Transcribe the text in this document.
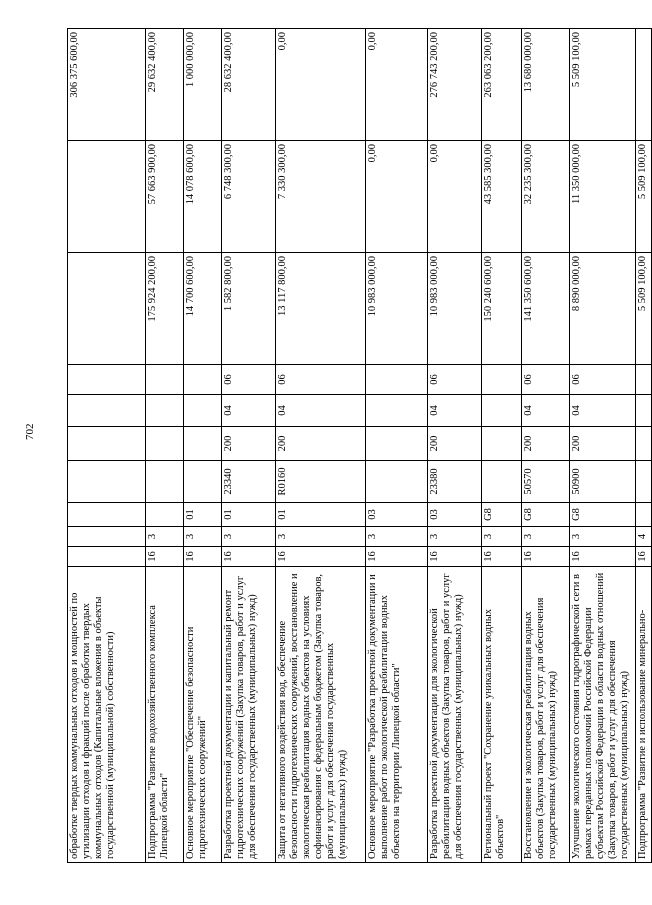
702
обработке твердых коммунальных отходов и мощностей по утилизации отходов и фракций после обработки твердых коммунальных отходов (Капитальные вложения в объекты государственной (муниципальной) собственности)										306 375 600,00
Подпрограмма "Развитие водохозяйственного комплекса Липецкой области"	16	3						175 924 200,00	57 663 900,00	29 632 400,00
Основное мероприятие "Обеспечение безопасности гидротехнических сооружений"	16	3	01					14 700 600,00	14 078 600,00	1 000 000,00
Разработка проектной документации и капитальный ремонт гидротехнических сооружений (Закупка товаров, работ и услуг для обеспечения государственных (муниципальных) нужд)	16	3	01	23340	200	04	06	1 582 800,00	6 748 300,00	28 632 400,00
Защита от негативного воздействия вод, обеспечение безопасности гидротехнических сооружений, восстановление и экологическая реабилитация водных объектов на условиях софинансирования с федеральным бюджетом (Закупка товаров, работ и услуг для обеспечения государственных (муниципальных) нужд)	16	3	01	R0160	200	04	06	13 117 800,00	7 330 300,00	0,00
Основное мероприятие "Разработка проектной документации и выполнение работ по экологической реабилитации водных объектов на территории Липецкой области"	16	3	03					10 983 000,00	0,00	0,00
Разработка проектной документации для экологической реабилитации водных объектов (Закупка товаров, работ и услуг для обеспечения государственных (муниципальных) нужд)	16	3	03	23380	200	04	06	10 983 000,00	0,00	276 743 200,00
Региональный проект "Сохранение уникальных водных объектов"	16	3	G8					150 240 600,00	43 585 300,00	263 063 200,00
Восстановление и экологическая реабилитация водных объектов (Закупка товаров, работ и услуг для обеспечения государственных (муниципальных) нужд)	16	3	G8	50570	200	04	06	141 350 600,00	32 235 300,00	13 680 000,00
Улучшение экологического состояния гидрографической сети в рамках переданных полномочий Российской Федерации субъектам Российской Федерации в области водных отношений (Закупка товаров, работ и услуг для обеспечения государственных (муниципальных) нужд)	16	3	G8	50900	200	04	06	8 890 000,00	11 350 000,00	5 509 100,00
Подпрограмма "Развитие и использование минерально-	16	4						5 509 100,00	5 509 100,00	
